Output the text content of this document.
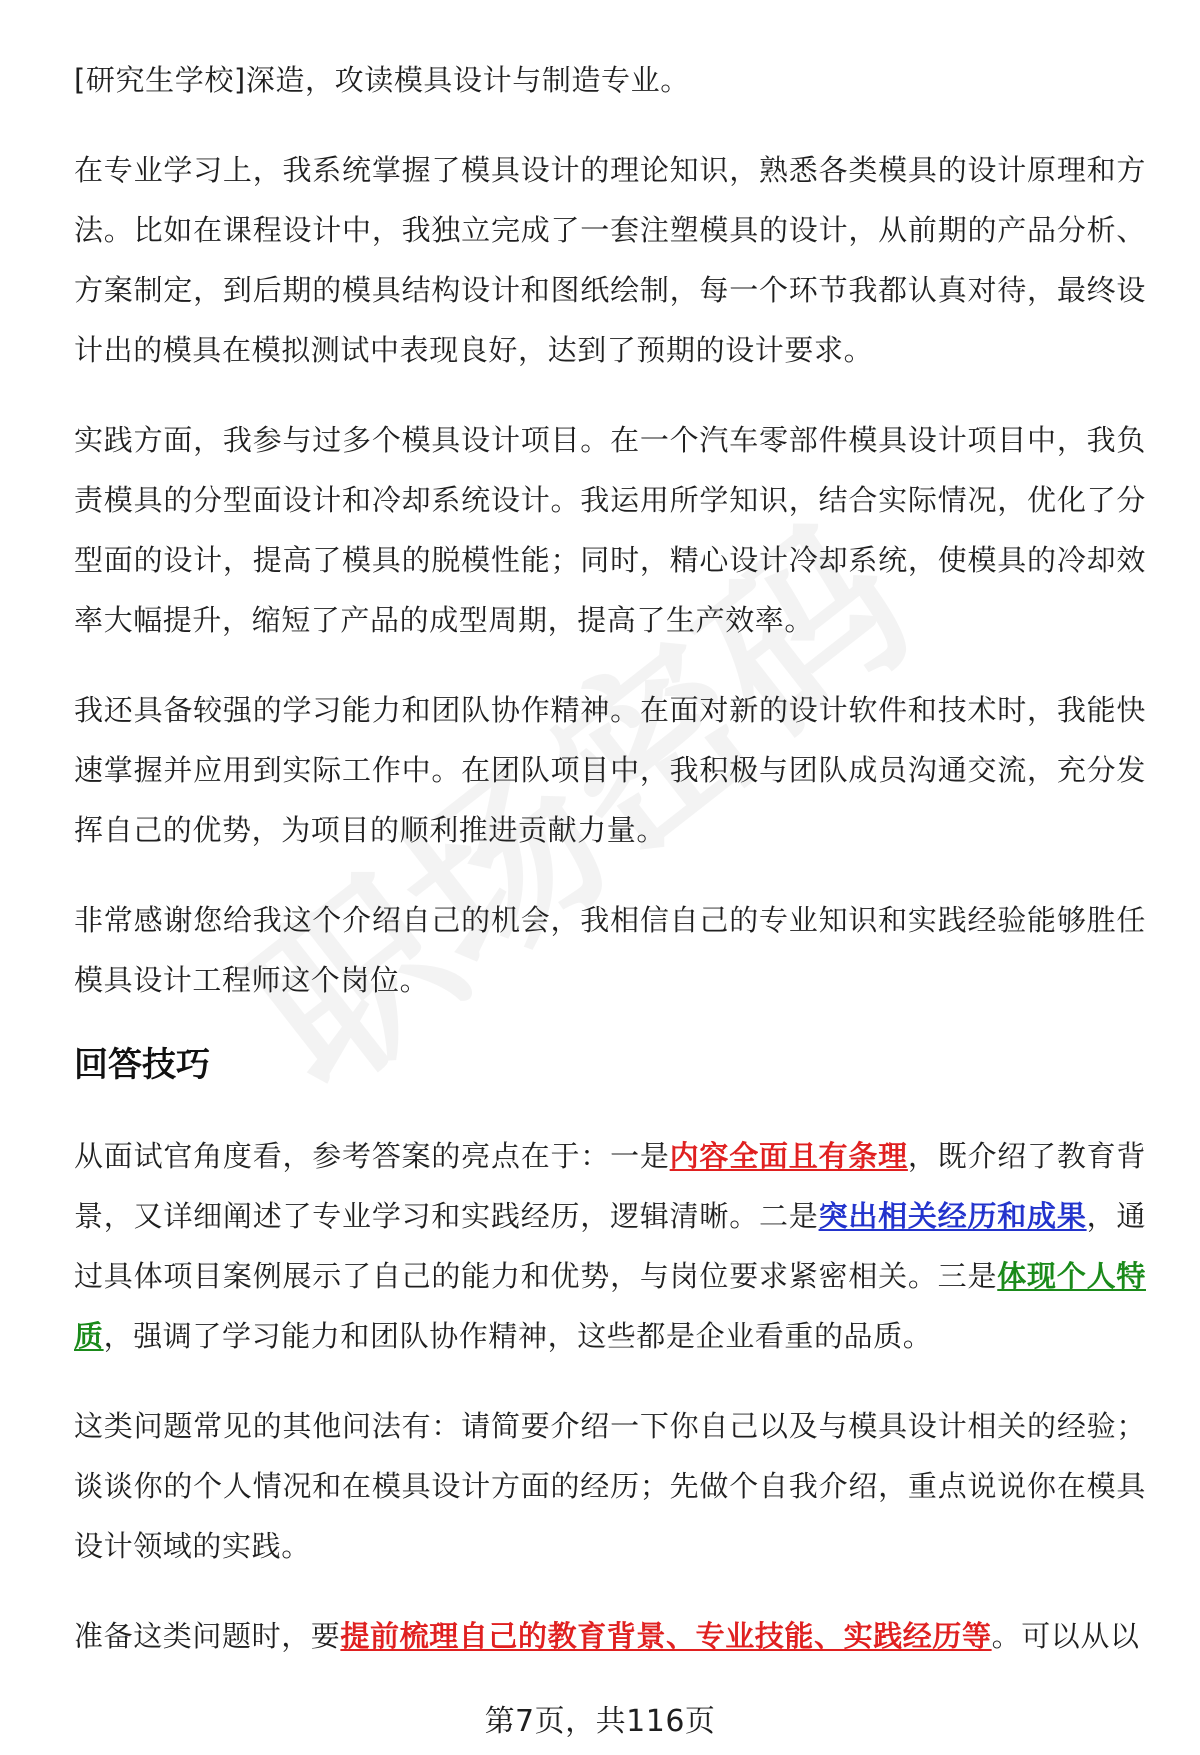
[研究生学校]深造，攻读模具设计与制造专业。

在专业学习上，我系统掌握了模具设计的理论知识，熟悉各类模具的设计原理和方法。比如在课程设计中，我独立完成了一套注塑模具的设计，从前期的产品分析、方案制定，到后期的模具结构设计和图纸绘制，每一个环节我都认真对待，最终设计出的模具在模拟测试中表现良好，达到了预期的设计要求。

实践方面，我参与过多个模具设计项目。在一个汽车零部件模具设计项目中，我负责模具的分型面设计和冷却系统设计。我运用所学知识，结合实际情况，优化了分型面的设计，提高了模具的脱模性能；同时，精心设计冷却系统，使模具的冷却效率大幅提升，缩短了产品的成型周期，提高了生产效率。

我还具备较强的学习能力和团队协作精神。在面对新的设计软件和技术时，我能快速掌握并应用到实际工作中。在团队项目中，我积极与团队成员沟通交流，充分发挥自己的优势，为项目的顺利推进贡献力量。

非常感谢您给我这个介绍自己的机会，我相信自己的专业知识和实践经验能够胜任模具设计工程师这个岗位。

回答技巧

从面试官角度看，参考答案的亮点在于：一是内容全面且有条理，既介绍了教育背景，又详细阐述了专业学习和实践经历，逻辑清晰。二是突出相关经历和成果，通过具体项目案例展示了自己的能力和优势，与岗位要求紧密相关。三是体现个人特质，强调了学习能力和团队协作精神，这些都是企业看重的品质。

这类问题常见的其他问法有：请简要介绍一下你自己以及与模具设计相关的经验；谈谈你的个人情况和在模具设计方面的经历；先做个自我介绍，重点说说你在模具设计领域的实践。

准备这类问题时，要提前梳理自己的教育背景、专业技能、实践经历等。可以从以

第7页，共116页
